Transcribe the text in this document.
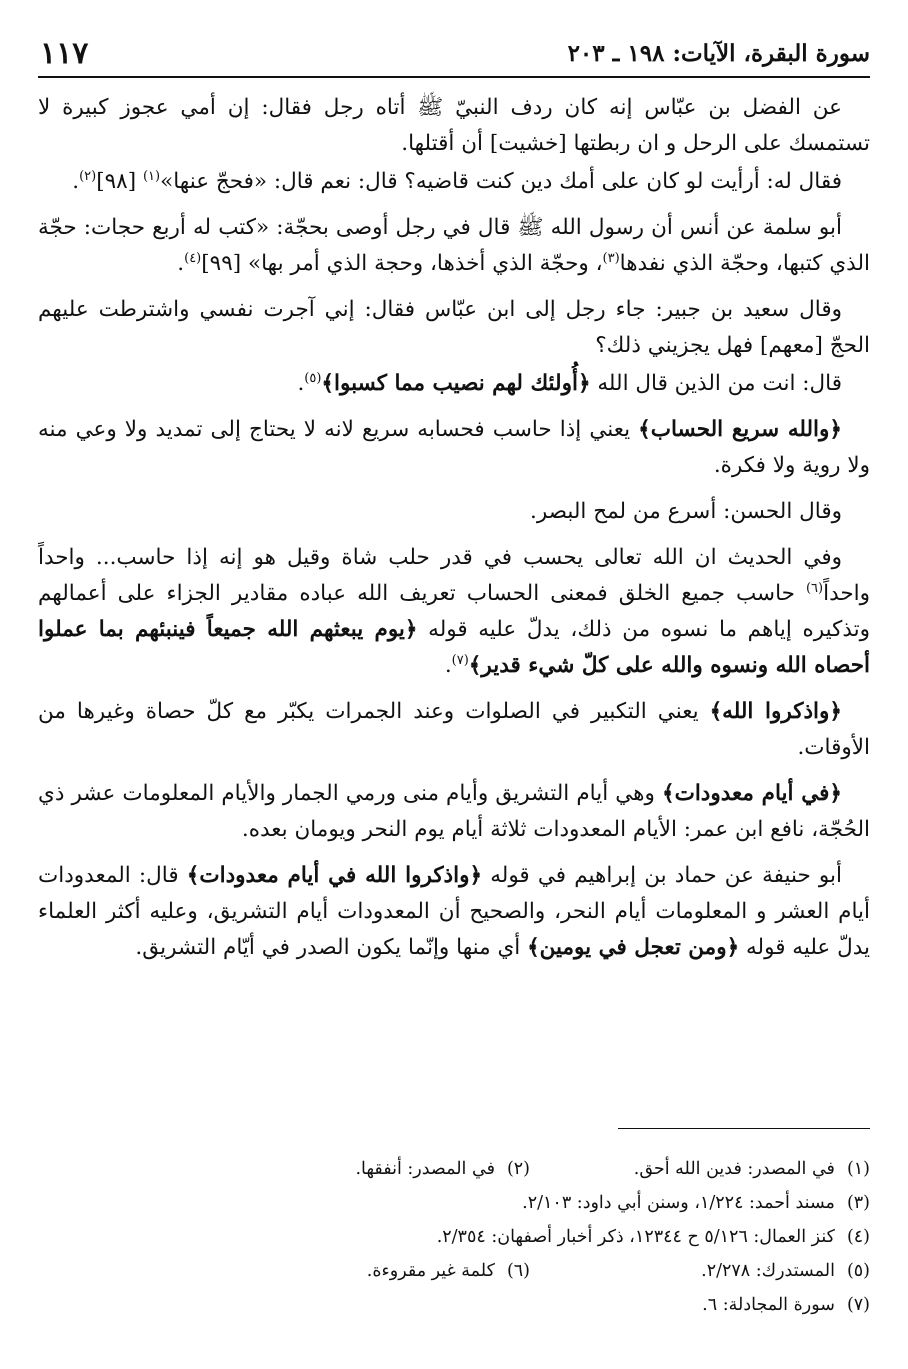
١١٧	سورة البقرة، الآيات: ١٩٨ ـ ٢٠٣

عن الفضل بن عبّاس إنه كان ردف النبيّ ﷺ أتاه رجل فقال: إن أمي عجوز كبيرة لا تستمسك على الرحل و ان ربطتها [خشيت] أن أقتلها.

فقال له: أرأيت لو كان على أمك دين كنت قاضيه؟ قال: نعم قال: «فحجّ عنها»$^{(١)}$ [٩٨]$^{(٢)}$.

أبو سلمة عن أنس أن رسول الله ﷺ قال في رجل أوصى بحجّة: «كتب له أربع حجات: حجّة الذي كتبها، وحجّة الذي نفدها$^{(٣)}$، وحجّة الذي أخذها، وحجة الذي أمر بها» [٩٩]$^{(٤)}$.

وقال سعيد بن جبير: جاء رجل إلى ابن عبّاس فقال: إني آجرت نفسي واشترطت عليهم الحجّ [معهم] فهل يجزيني ذلك؟

قال: انت من الذين قال الله ﴿أُولئك لهم نصيب مما كسبوا﴾$^{(٥)}$.

﴿والله سريع الحساب﴾ يعني إذا حاسب فحسابه سريع لانه لا يحتاج إلى تمديد ولا وعي منه ولا روية ولا فكرة.

وقال الحسن: أسرع من لمح البصر.

وفي الحديث ان الله تعالى يحسب في قدر حلب شاة وقيل هو إنه إذا حاسب... واحداً واحداً$^{(٦)}$ حاسب جميع الخلق فمعنى الحساب تعريف الله عباده مقادير الجزاء على أعمالهم وتذكيره إياهم ما نسوه من ذلك، يدلّ عليه قوله ﴿يوم يبعثهم الله جميعاً فينبئهم بما عملوا أحصاه الله ونسوه والله على كلّ شيء قدير﴾$^{(٧)}$.

﴿واذكروا الله﴾ يعني التكبير في الصلوات وعند الجمرات يكبّر مع كلّ حصاة وغيرها من الأوقات.

﴿في أيام معدودات﴾ وهي أيام التشريق وأيام منى ورمي الجمار والأيام المعلومات عشر ذي الحُجّة، نافع ابن عمر: الأيام المعدودات ثلاثة أيام يوم النحر ويومان بعده.

أبو حنيفة عن حماد بن إبراهيم في قوله ﴿واذكروا الله في أيام معدودات﴾ قال: المعدودات أيام العشر و المعلومات أيام النحر، والصحيح أن المعدودات أيام التشريق، وعليه أكثر العلماء يدلّ عليه قوله ﴿ومن تعجل في يومين﴾ أي منها وإنّما يكون الصدر في أيّام التشريق.

(١)في المصدر: فدين الله أحق.
(٢)في المصدر: أنفقها.
(٣)مسند أحمد: ١/٢٢٤، وسنن أبي داود: ٢/١٠٣.
(٤)كنز العمال: ٥/١٢٦ ح ١٢٣٤٤، ذكر أخبار أصفهان: ٢/٣٥٤.
(٥)المستدرك: ٢/٢٧٨.
(٦)كلمة غير مقروءة.
(٧)سورة المجادلة: ٦.
